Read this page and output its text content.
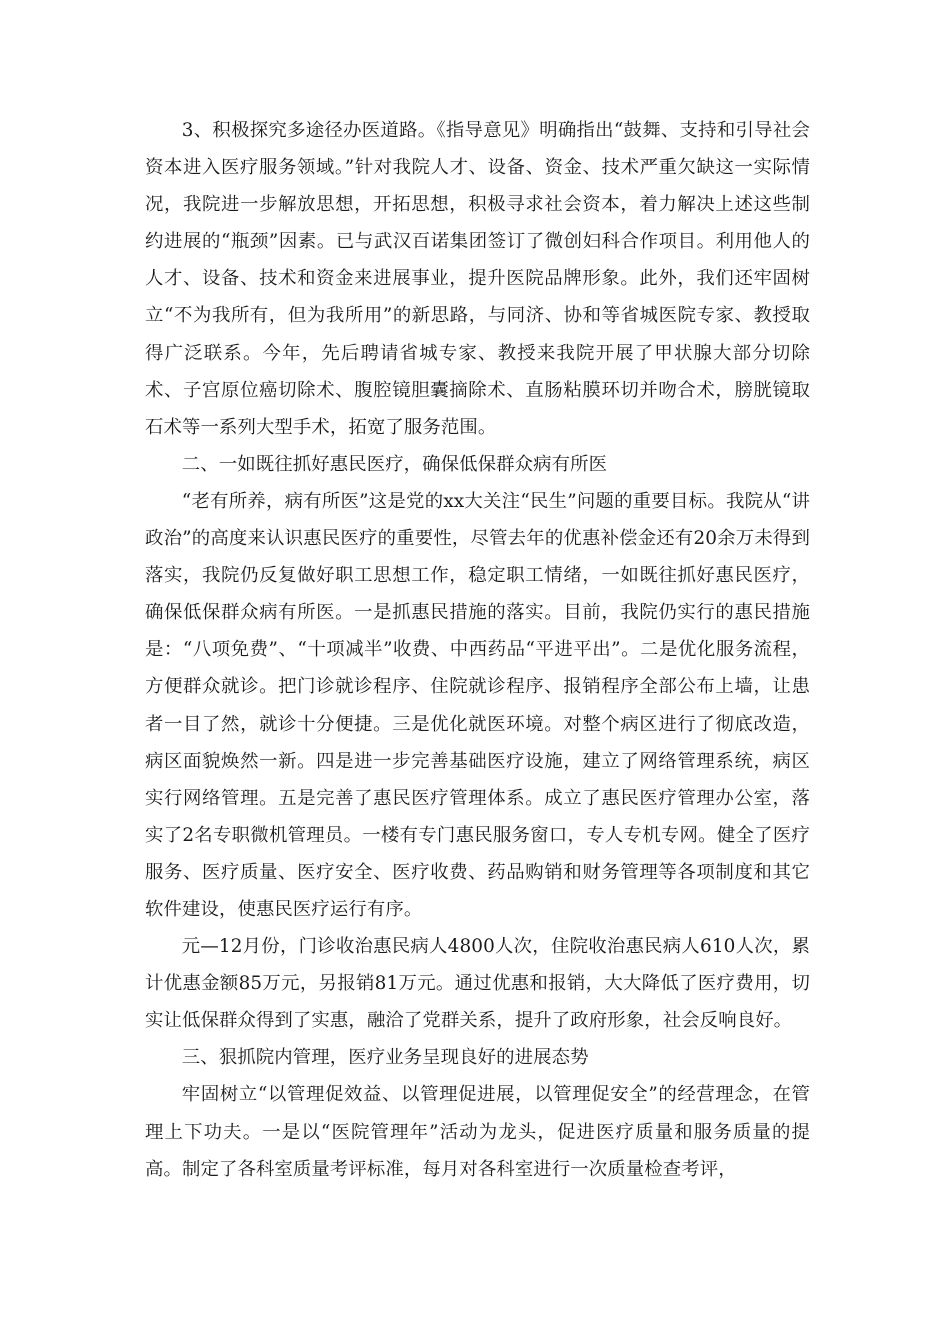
3、积极探究多途径办医道路。《指导意见》明确指出“鼓舞、支持和引导社会资本进入医疗服务领域。”针对我院人才、设备、资金、技术严重欠缺这一实际情况，我院进一步解放思想，开拓思想，积极寻求社会资本，着力解决上述这些制约进展的“瓶颈”因素。已与武汉百诺集团签订了微创妇科合作项目。利用他人的人才、设备、技术和资金来进展事业，提升医院品牌形象。此外，我们还牢固树立“不为我所有，但为我所用”的新思路，与同济、协和等省城医院专家、教授取得广泛联系。今年，先后聘请省城专家、教授来我院开展了甲状腺大部分切除术、子宫原位癌切除术、腹腔镜胆囊摘除术、直肠粘膜环切并吻合术，膀胱镜取石术等一系列大型手术，拓宽了服务范围。

二、一如既往抓好惠民医疗，确保低保群众病有所医

“老有所养，病有所医”这是党的xx大关注“民生”问题的重要目标。我院从“讲政治”的高度来认识惠民医疗的重要性，尽管去年的优惠补偿金还有20余万未得到落实，我院仍反复做好职工思想工作，稳定职工情绪，一如既往抓好惠民医疗，确保低保群众病有所医。一是抓惠民措施的落实。目前，我院仍实行的惠民措施是：“八项免费”、“十项减半”收费、中西药品“平进平出”。二是优化服务流程，方便群众就诊。把门诊就诊程序、住院就诊程序、报销程序全部公布上墙，让患者一目了然，就诊十分便捷。三是优化就医环境。对整个病区进行了彻底改造，病区面貌焕然一新。四是进一步完善基础医疗设施，建立了网络管理系统，病区实行网络管理。五是完善了惠民医疗管理体系。成立了惠民医疗管理办公室，落实了2名专职微机管理员。一楼有专门惠民服务窗口，专人专机专网。健全了医疗服务、医疗质量、医疗安全、医疗收费、药品购销和财务管理等各项制度和其它软件建设，使惠民医疗运行有序。

元—12月份，门诊收治惠民病人4800人次，住院收治惠民病人610人次，累计优惠金额85万元，另报销81万元。通过优惠和报销，大大降低了医疗费用，切实让低保群众得到了实惠，融洽了党群关系，提升了政府形象，社会反响良好。

三、狠抓院内管理，医疗业务呈现良好的进展态势

牢固树立“以管理促效益、以管理促进展，以管理促安全”的经营理念，在管理上下功夫。一是以“医院管理年”活动为龙头，促进医疗质量和服务质量的提高。制定了各科室质量考评标准，每月对各科室进行一次质量检查考评，
